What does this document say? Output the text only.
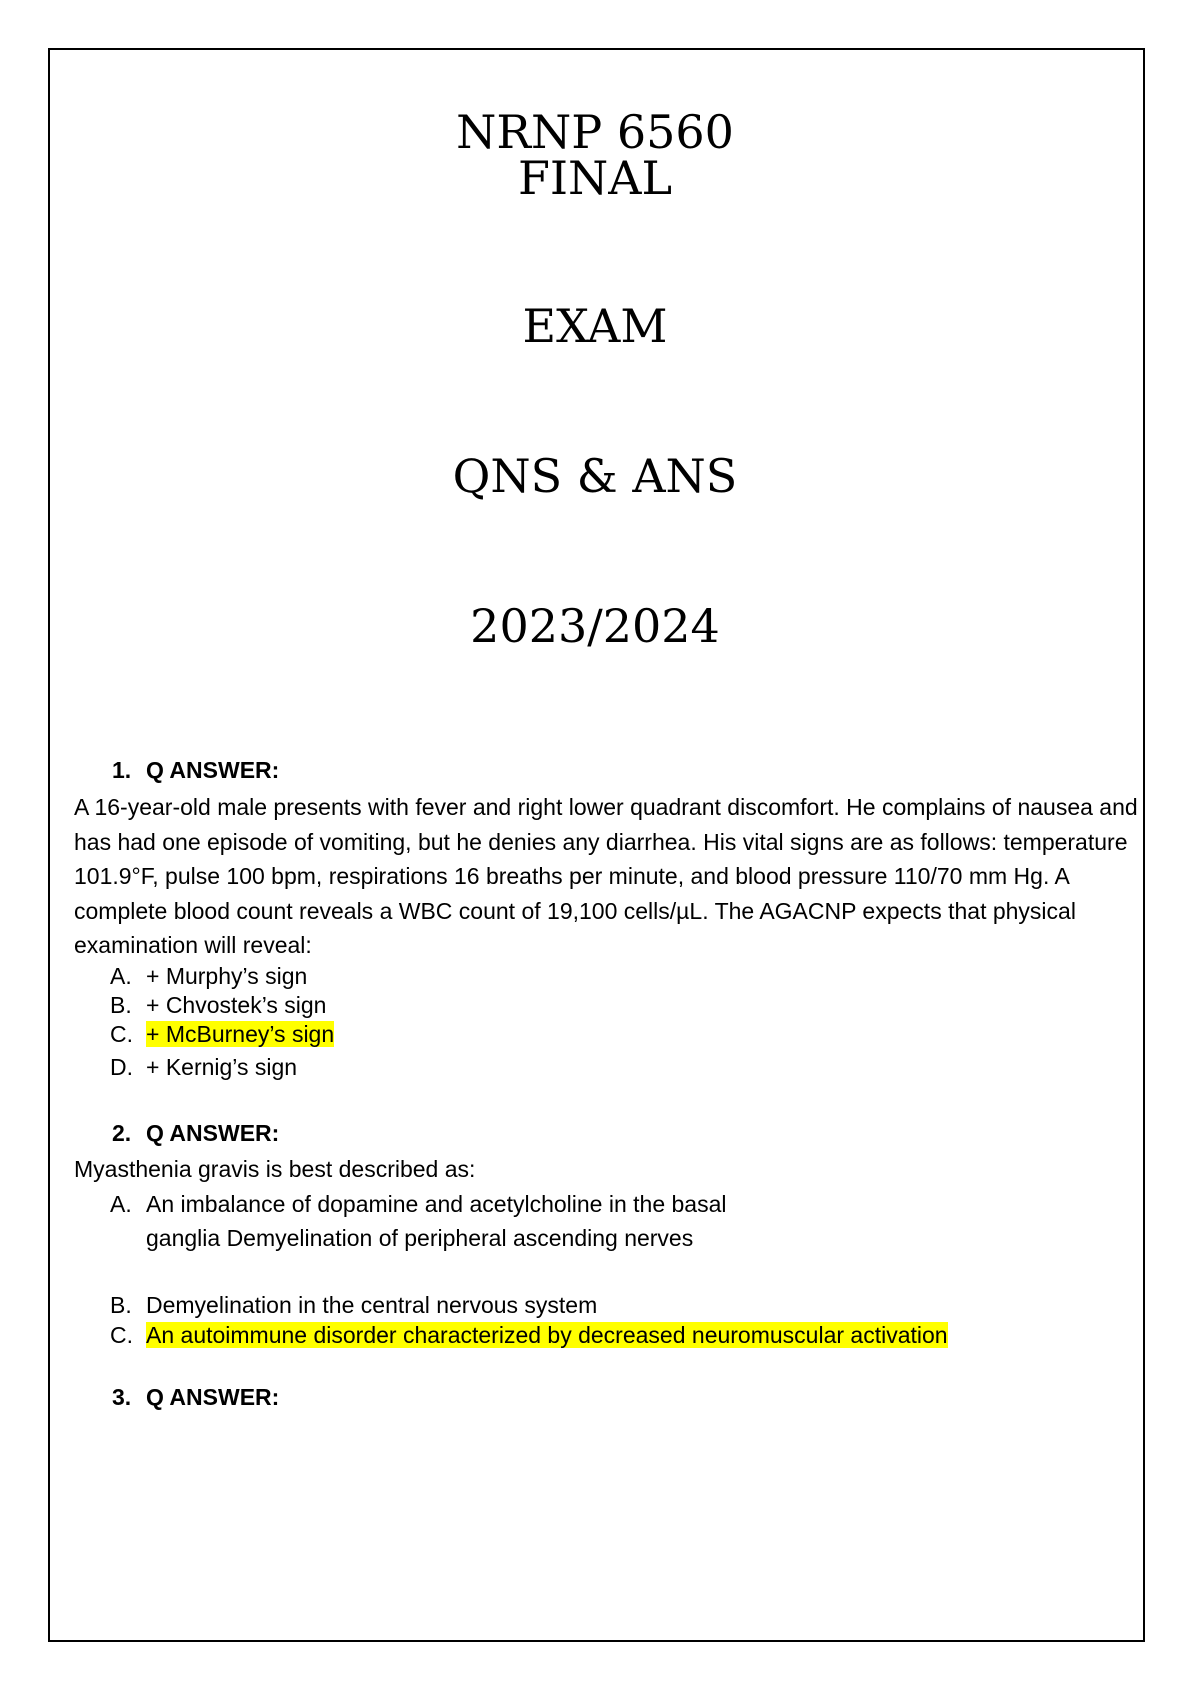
NRNP 6560
FINAL
EXAM
QNS & ANS
2023/2024
1. Q ANSWER:
A 16-year-old male presents with fever and right lower quadrant discomfort. He complains of nausea and has had one episode of vomiting, but he denies any diarrhea. His vital signs are as follows: temperature 101.9°F, pulse 100 bpm, respirations 16 breaths per minute, and blood pressure 110/70 mm Hg. A complete blood count reveals a WBC count of 19,100 cells/µL. The AGACNP expects that physical examination will reveal:
A. + Murphy’s sign
B. + Chvostek’s sign
C. + McBurney’s sign
D. + Kernig’s sign
2. Q ANSWER:
Myasthenia gravis is best described as:
A. An imbalance of dopamine and acetylcholine in the basal ganglia Demyelination of peripheral ascending nerves
B. Demyelination in the central nervous system
C. An autoimmune disorder characterized by decreased neuromuscular activation
3. Q ANSWER:
